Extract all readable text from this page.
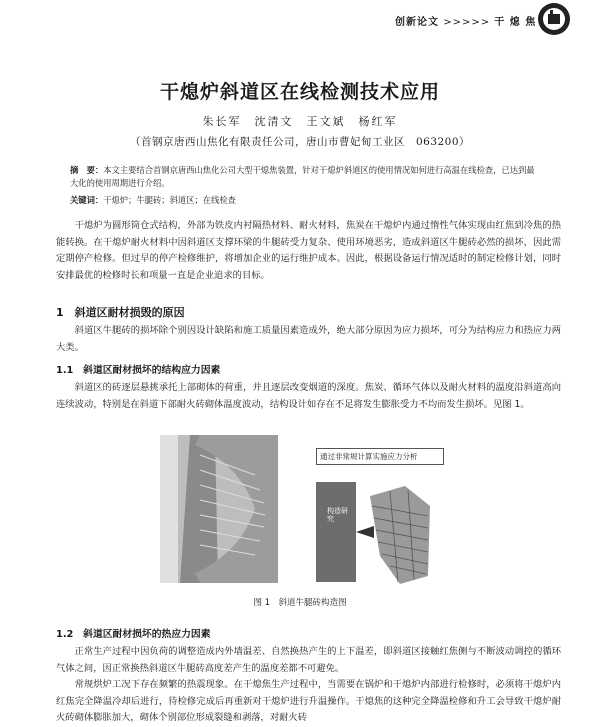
创新论文 >>>>> 干 熄 焦
干熄炉斜道区在线检测技术应用
朱长军　沈清文　王文斌　杨红军
（首钢京唐西山焦化有限责任公司，唐山市曹妃甸工业区　063200）
摘　要：本文主要结合首钢京唐西山焦化公司大型干熄焦装置，针对干熄炉斜道区的使用情况如何进行高温在线检查，已达到最大化的使用周期进行介绍。
关键词：干熄炉；牛腿砖；斜道区；在线检查
干熄炉为圆形筒仓式结构，外部为铁皮内衬隔热材料、耐火材料，焦炭在干熄炉内通过惰性气体实现由红焦到冷焦的热能转换。在干熄炉耐火材料中因斜道区支撑环梁的牛腿砖受力复杂、使用环境恶劣，造成斜道区牛腿砖必然的损坏，因此需定期停产检修。但过早的停产检修维护，将增加企业的运行维护成本。因此，根据设备运行情况适时的制定检修计划，同时安排最优的检修时长和项量一直是企业追求的目标。
1　斜道区耐材损毁的原因
斜道区牛腿砖的损坏除个别因设计缺陷和施工质量因素造成外，绝大部分原因为应力损坏，可分为结构应力和热应力两大类。
1.1　斜道区耐材损坏的结构应力因素
斜道区的砖逐层悬挑承托上部砌体的荷重，并且逐层改变烟道的深度。焦炭、循环气体以及耐火材料的温度沿斜道高向连续波动，特别是在斜道下部耐火砖砌体温度波动，结构设计如存在不足将发生膨胀受力不均而发生损坏。见图 1。
通过非常规计算实施应力分析
构造研究
图 1　斜道牛腿砖构造图
1.2　斜道区耐材损坏的热应力因素
正常生产过程中因负荷的调整造成内外墙温差、自然换热产生的上下温差，即斜道区接触红焦侧与不断波动调控的循环气体之间，因正常换热斜道区牛腿砖高度差产生的温度差都不可避免。
常规烘炉工况下存在频繁的热震现象。在干熄焦生产过程中，当需要在锅炉和干熄炉内部进行检修时，必须将干熄炉内红焦完全降温冷却后进行，待检修完成后再重新对干熄炉进行升温操作。干熄焦的这种完全降温检修和升工会导致干熄炉耐火砖砌体膨胀加大，砌体个别部位形成裂缝和剥落，对耐火砖
